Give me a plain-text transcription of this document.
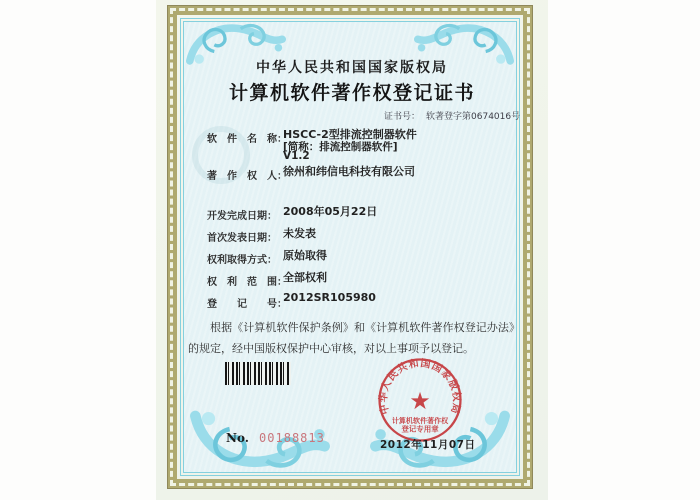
中华人民共和国国家版权局
计算机软件著作权登记证书
证书号： 软著登字第0674016号
软　件　名　称：
HSCC-2型排流控制器软件
[简称：排流控制器软件]
V1.2
著　作　权　人：
徐州和纬信电科技有限公司
开发完成日期： 2008年05月22日
首次发表日期： 未发表
权利取得方式： 原始取得
权　利　范　围：
全部权利
登　　记　　号：
2012SR105980
根据《计算机软件保护条例》和《计算机软件著作权登记办法》的规定，经中国版权保护中心审核，对以上事项予以登记。
No. 00188813
中华人民共和国国家版权局
★
计算机软件著作权
登记专用章
2012年11月07日
